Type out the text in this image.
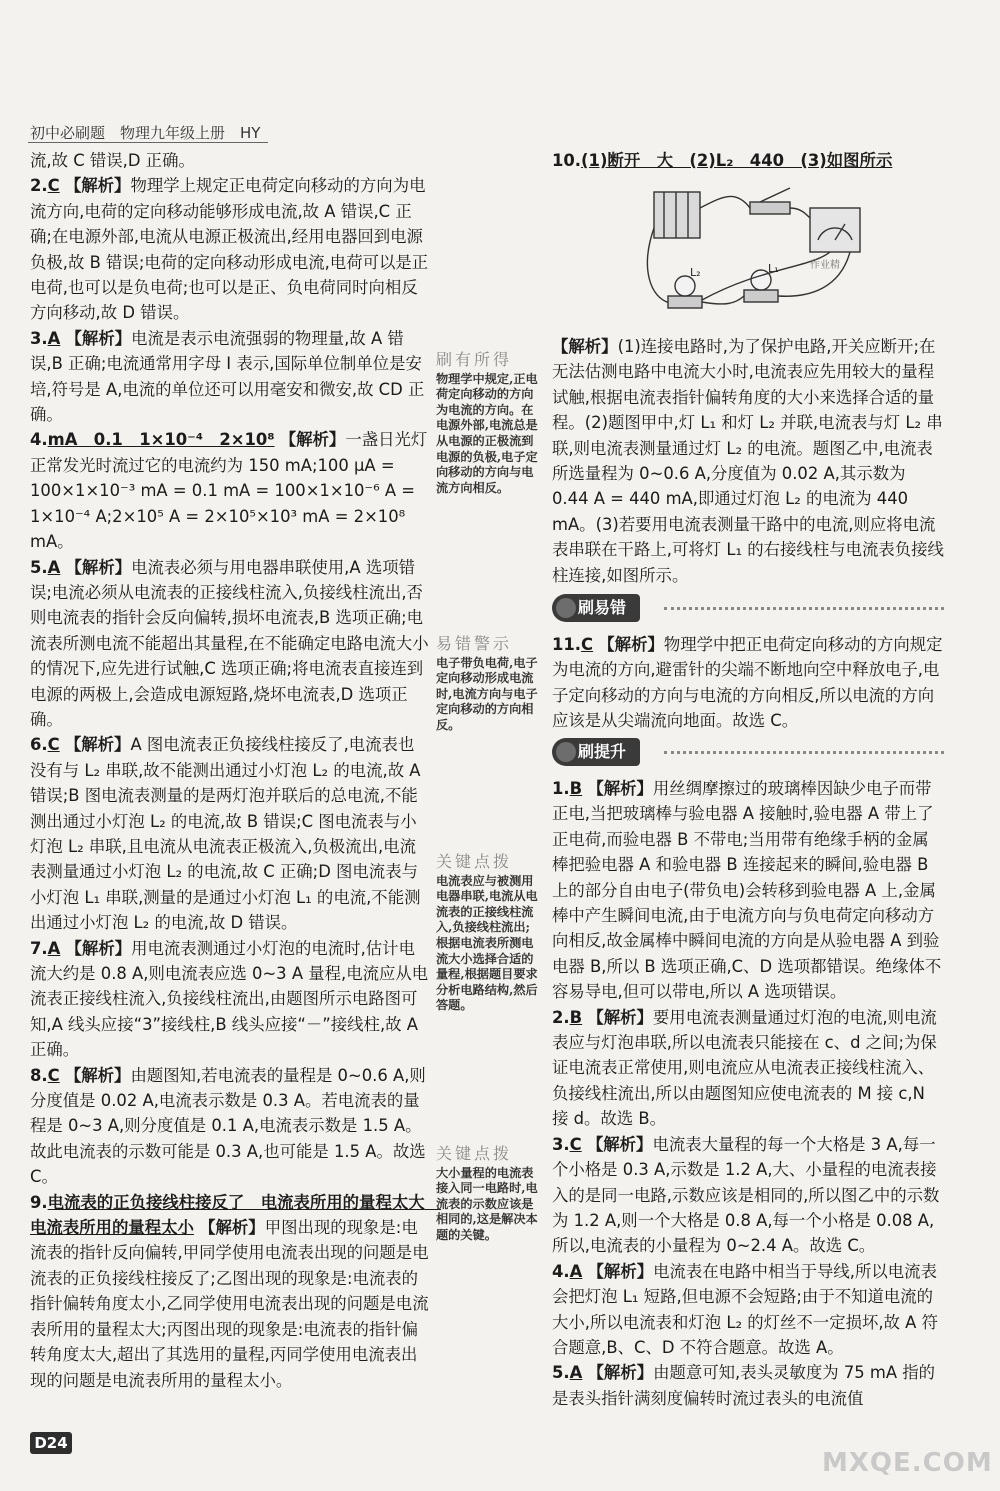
初中必刷题　物理九年级上册　HY

流,故 C 错误,D 正确。

2.C 【解析】物理学上规定正电荷定向移动的方向为电流方向,电荷的定向移动能够形成电流,故 A 错误,C 正确;在电源外部,电流从电源正极流出,经用电器回到电源负极,故 B 错误;电荷的定向移动形成电流,电荷可以是正电荷,也可以是负电荷;也可以是正、负电荷同时向相反方向移动,故 D 错误。

3.A 【解析】电流是表示电流强弱的物理量,故 A 错误,B 正确;电流通常用字母 I 表示,国际单位制单位是安培,符号是 A,电流的单位还可以用毫安和微安,故 CD 正确。

4.mA　0.1　1×10⁻⁴　2×10⁸ 【解析】一盏日光灯正常发光时流过它的电流约为 150 mA;100 μA = 100×1×10⁻³ mA = 0.1 mA = 100×1×10⁻⁶ A = 1×10⁻⁴ A;2×10⁵ A = 2×10⁵×10³ mA = 2×10⁸ mA。

5.A 【解析】电流表必须与用电器串联使用,A 选项错误;电流必须从电流表的正接线柱流入,负接线柱流出,否则电流表的指针会反向偏转,损坏电流表,B 选项正确;电流表所测电流不能超出其量程,在不能确定电路电流大小的情况下,应先进行试触,C 选项正确;将电流表直接连到电源的两极上,会造成电源短路,烧坏电流表,D 选项正确。

6.C 【解析】A 图电流表正负接线柱接反了,电流表也没有与 L₂ 串联,故不能测出通过小灯泡 L₂ 的电流,故 A 错误;B 图电流表测量的是两灯泡并联后的总电流,不能测出通过小灯泡 L₂ 的电流,故 B 错误;C 图电流表与小灯泡 L₂ 串联,且电流从电流表正极流入,负极流出,电流表测量通过小灯泡 L₂ 的电流,故 C 正确;D 图电流表与小灯泡 L₁ 串联,测量的是通过小灯泡 L₁ 的电流,不能测出通过小灯泡 L₂ 的电流,故 D 错误。

7.A 【解析】用电流表测通过小灯泡的电流时,估计电流大约是 0.8 A,则电流表应选 0~3 A 量程,电流应从电流表正接线柱流入,负接线柱流出,由题图所示电路图可知,A 线头应接“3”接线柱,B 线头应接“－”接线柱,故 A 正确。

8.C 【解析】由题图知,若电流表的量程是 0~0.6 A,则分度值是 0.02 A,电流表示数是 0.3 A。若电流表的量程是 0~3 A,则分度值是 0.1 A,电流表示数是 1.5 A。故此电流表的示数可能是 0.3 A,也可能是 1.5 A。故选 C。

9.电流表的正负接线柱接反了　电流表所用的量程太大　电流表所用的量程太小 【解析】甲图出现的现象是:电流表的指针反向偏转,甲同学使用电流表出现的问题是电流表的正负接线柱接反了;乙图出现的现象是:电流表的指针偏转角度太小,乙同学使用电流表出现的问题是电流表所用的量程太大;丙图出现的现象是:电流表的指针偏转角度太大,超出了其选用的量程,丙同学使用电流表出现的问题是电流表所用的量程太小。

刷有所得
物理学中规定,正电荷定向移动的方向为电流的方向。在电源外部,电流总是从电源的正极流到电源的负极,电子定向移动的方向与电流方向相反。
易错警示
电子带负电荷,电子定向移动形成电流时,电流方向与电子定向移动的方向相反。
关键点拨
电流表应与被测用电器串联,电流从电流表的正接线柱流入,负接线柱流出;根据电流表所测电流大小选择合适的量程,根据题目要求分析电路结构,然后答题。
关键点拨
大小量程的电流表接入同一电路时,电流表的示数应该是相同的,这是解决本题的关键。

10.(1)断开　大　(2)L₂　440　(3)如图所示

L₂	L₁	作业精

【解析】(1)连接电路时,为了保护电路,开关应断开;在无法估测电路中电流大小时,电流表应先用较大的量程试触,根据电流表指针偏转角度的大小来选择合适的量程。(2)题图甲中,灯 L₁ 和灯 L₂ 并联,电流表与灯 L₂ 串联,则电流表测量通过灯 L₂ 的电流。题图乙中,电流表所选量程为 0~0.6 A,分度值为 0.02 A,其示数为 0.44 A = 440 mA,即通过灯泡 L₂ 的电流为 440 mA。(3)若要用电流表测量干路中的电流,则应将电流表串联在干路上,可将灯 L₁ 的右接线柱与电流表负接线柱连接,如图所示。

刷易错

11.C 【解析】物理学中把正电荷定向移动的方向规定为电流的方向,避雷针的尖端不断地向空中释放电子,电子定向移动的方向与电流的方向相反,所以电流的方向应该是从尖端流向地面。故选 C。

刷提升

1.B 【解析】用丝绸摩擦过的玻璃棒因缺少电子而带正电,当把玻璃棒与验电器 A 接触时,验电器 A 带上了正电荷,而验电器 B 不带电;当用带有绝缘手柄的金属棒把验电器 A 和验电器 B 连接起来的瞬间,验电器 B 上的部分自由电子(带负电)会转移到验电器 A 上,金属棒中产生瞬间电流,由于电流方向与负电荷定向移动方向相反,故金属棒中瞬间电流的方向是从验电器 A 到验电器 B,所以 B 选项正确,C、D 选项都错误。绝缘体不容易导电,但可以带电,所以 A 选项错误。

2.B 【解析】要用电流表测量通过灯泡的电流,则电流表应与灯泡串联,所以电流表只能接在 c、d 之间;为保证电流表正常使用,则电流应从电流表正接线柱流入、负接线柱流出,所以由题图知应使电流表的 M 接 c,N 接 d。故选 B。

3.C 【解析】电流表大量程的每一个大格是 3 A,每一个小格是 0.3 A,示数是 1.2 A,大、小量程的电流表接入的是同一电路,示数应该是相同的,所以图乙中的示数为 1.2 A,则一个大格是 0.8 A,每一个小格是 0.08 A,所以,电流表的小量程为 0~2.4 A。故选 C。

4.A 【解析】电流表在电路中相当于导线,所以电流表会把灯泡 L₁ 短路,但电源不会短路;由于不知道电流的大小,所以电流表和灯泡 L₂ 的灯丝不一定损坏,故 A 符合题意,B、C、D 不符合题意。故选 A。

5.A 【解析】由题意可知,表头灵敏度为 75 mA 指的是表头指针满刻度偏转时流过表头的电流值

D24
MXQE.COM
